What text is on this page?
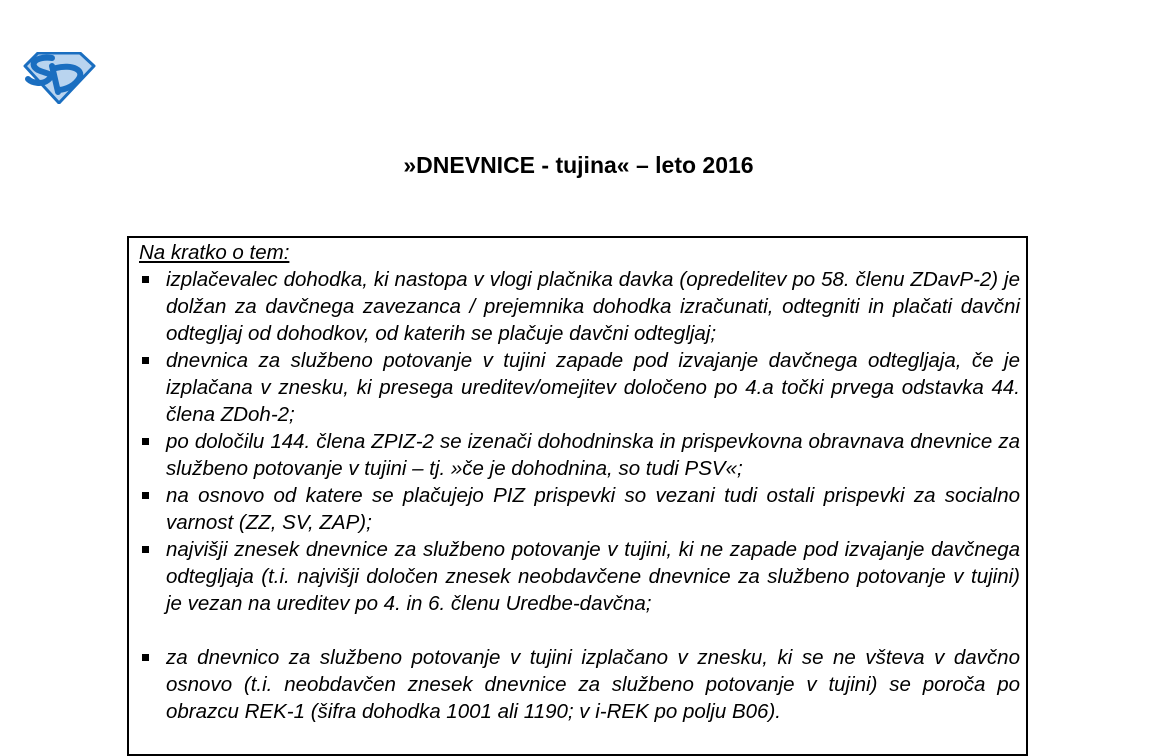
»DNEVNICE - tujina« – leto 2016
Na kratko o tem:
izplačevalec dohodka, ki nastopa v vlogi plačnika davka (opredelitev po 58. členu ZDavP-2) je dolžan za davčnega zavezanca / prejemnika dohodka izračunati, odtegniti in plačati davčni odtegljaj od dohodkov, od katerih se plačuje davčni odtegljaj;
dnevnica za službeno potovanje v tujini zapade pod izvajanje davčnega odtegljaja, če je izplačana v znesku, ki presega ureditev/omejitev določeno po 4.a točki prvega odstavka 44. člena ZDoh-2;
po določilu 144. člena ZPIZ-2 se izenači dohodninska in prispevkovna obravnava dnevnice za službeno potovanje v tujini – tj. »če je dohodnina, so tudi PSV«;
na osnovo od katere se plačujejo PIZ prispevki so vezani tudi ostali prispevki za socialno varnost (ZZ, SV, ZAP);
najvišji znesek dnevnice za službeno potovanje v tujini, ki ne zapade pod izvajanje davčnega odtegljaja (t.i. najvišji določen znesek neobdavčene dnevnice za službeno potovanje v tujini) je vezan na ureditev po 4. in 6. členu Uredbe-davčna;
za dnevnico za službeno potovanje v tujini izplačano v znesku, ki se ne všteva v davčno osnovo (t.i. neobdavčen znesek dnevnice za službeno potovanje v tujini) se poroča po obrazcu REK-1 (šifra dohodka 1001 ali 1190; v i-REK po polju B06).
